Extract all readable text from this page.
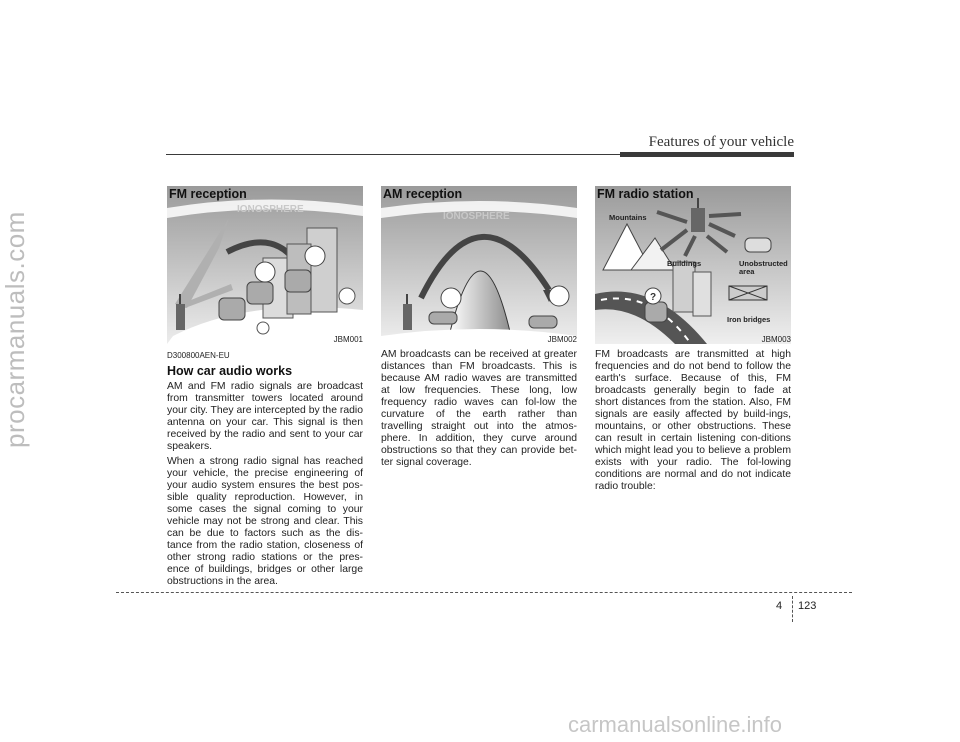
procarmanuals.com
Features of your vehicle
IONOSPHERE
FM reception
JBM001
D300800AEN-EU
How car audio works

AM and FM radio signals are broadcast from transmitter towers located around your city. They are intercepted by the radio antenna on your car. This signal is then received by the radio and sent to your car speakers.

When a strong radio signal has reached your vehicle, the precise engineering of your audio system ensures the best pos-sible quality reproduction. However, in some cases the signal coming to your vehicle may not be strong and clear. This can be due to factors such as the dis-tance from the radio station, closeness of other strong radio stations or the pres-ence of buildings, bridges or other large obstructions in the area.

IONOSPHERE
AM reception
JBM002

AM broadcasts can be received at greater distances than FM broadcasts. This is because AM radio waves are transmitted at low frequencies. These long, low frequency radio waves can fol-low the curvature of the earth rather than travelling straight out into the atmos-phere. In addition, they curve around obstructions so that they can provide bet-ter signal coverage.

?
FM radio station
Mountains
Buildings	Unobstructed area
Iron bridges
JBM003

FM broadcasts are transmitted at high frequencies and do not bend to follow the earth's surface. Because of this, FM broadcasts generally begin to fade at short distances from the station. Also, FM signals are easily affected by build-ings, mountains, or other obstructions. These can result in certain listening con-ditions which might lead you to believe a problem exists with your radio. The fol-lowing conditions are normal and do not indicate radio trouble:

4 123
carmanualsonline.info
